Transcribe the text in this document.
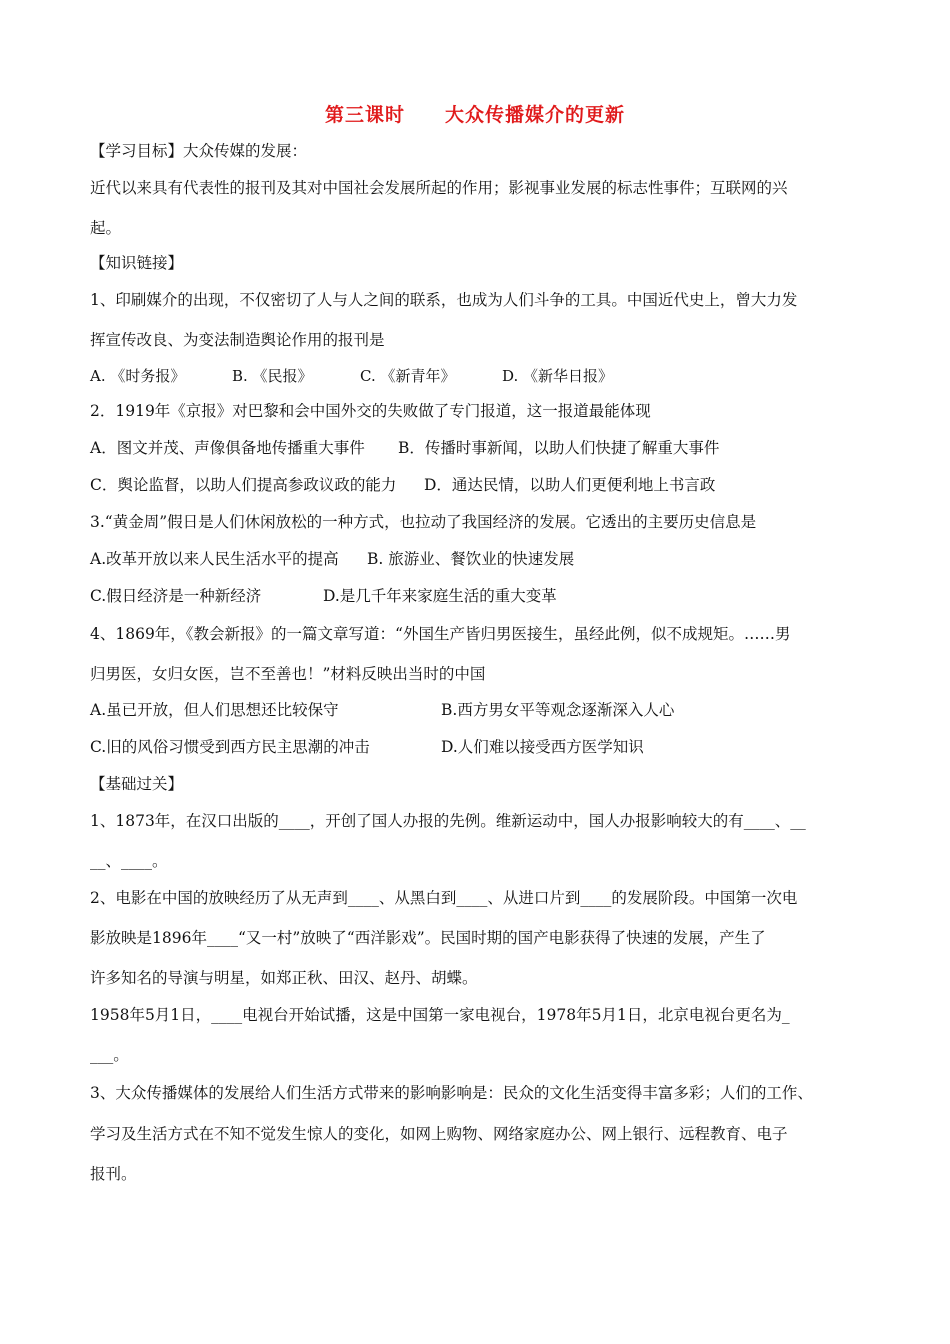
第三课时 大众传播媒介的更新
【学习目标】大众传媒的发展：
近代以来具有代表性的报刊及其对中国社会发展所起的作用；影视事业发展的标志性事件；互联网的兴
起。
【知识链接】
1、印刷媒介的出现，不仅密切了人与人之间的联系，也成为人们斗争的工具。中国近代史上，曾大力发
挥宣传改良、为变法制造舆论作用的报刊是
A. 《时务报》	B. 《民报》	C. 《新青年》	D. 《新华日报》
2．1919年《京报》对巴黎和会中国外交的失败做了专门报道，这一报道最能体现
A．图文并茂、声像俱备地传播重大事件 B．传播时事新闻，以助人们快捷了解重大事件
C．舆论监督，以助人们提高参政议政的能力 D．通达民情，以助人们更便利地上书言政
3.“黄金周”假日是人们休闲放松的一种方式，也拉动了我国经济的发展。它透出的主要历史信息是
A.改革开放以来人民生活水平的提高 B. 旅游业、餐饮业的快速发展
C.假日经济是一种新经济	D.是几千年来家庭生活的重大变革
4、1869年，《教会新报》的一篇文章写道：“外国生产皆归男医接生，虽经此例，似不成规矩。……男
归男医，女归女医，岂不至善也！”材料反映出当时的中国
A.虽已开放，但人们思想还比较保守	B.西方男女平等观念逐渐深入人心
C.旧的风俗习惯受到西方民主思潮的冲击	D.人们难以接受西方医学知识
【基础过关】
1、1873年，在汉口出版的____，开创了国人办报的先例。维新运动中，国人办报影响较大的有____、__
__、____。
2、电影在中国的放映经历了从无声到____、从黑白到____、从进口片到____的发展阶段。中国第一次电
影放映是1896年____“又一村”放映了“西洋影戏”。民国时期的国产电影获得了快速的发展，产生了
许多知名的导演与明星，如郑正秋、田汉、赵丹、胡蝶。
1958年5月1日，____电视台开始试播，这是中国第一家电视台，1978年5月1日，北京电视台更名为_
___。
3、大众传播媒体的发展给人们生活方式带来的影响影响是：民众的文化生活变得丰富多彩；人们的工作、
学习及生活方式在不知不觉发生惊人的变化，如网上购物、网络家庭办公、网上银行、远程教育、电子
报刊。
